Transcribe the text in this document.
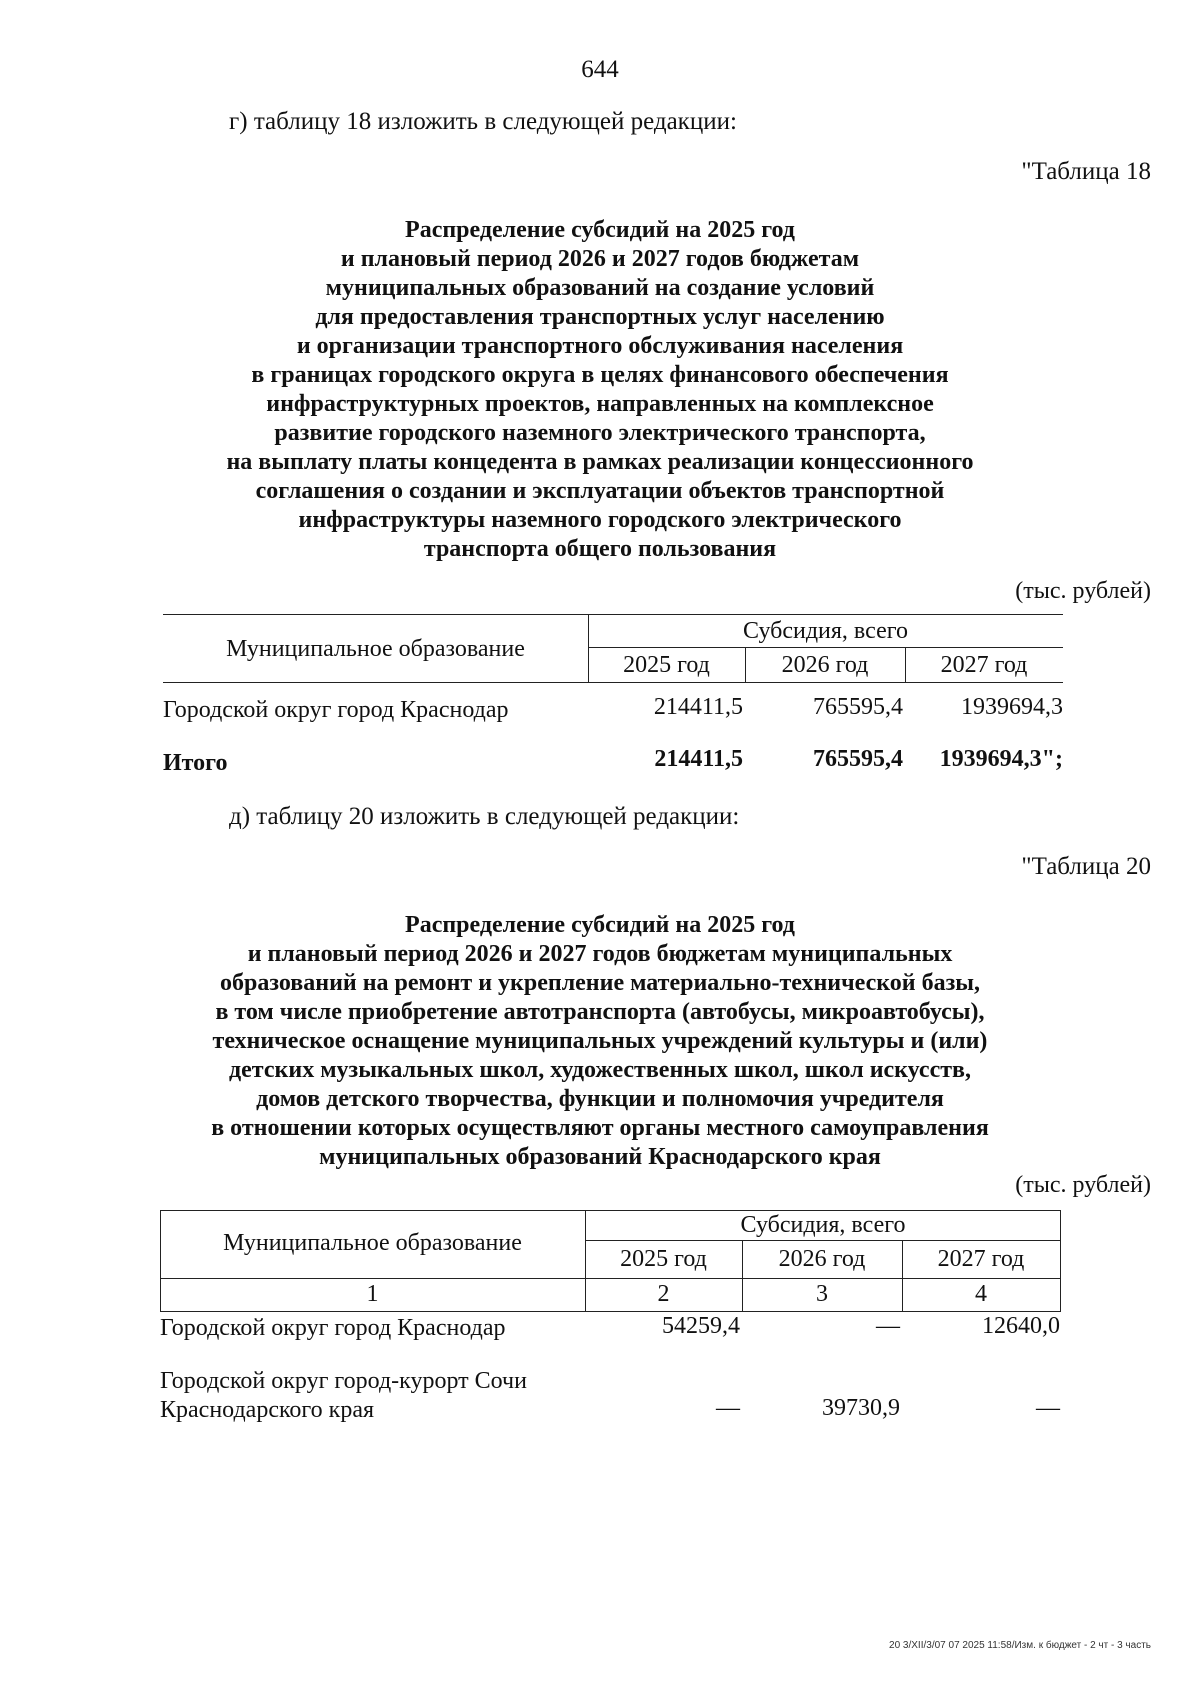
644
г) таблицу 18 изложить в следующей редакции:
"Таблица 18
Распределение субсидий на 2025 год
и плановый период 2026 и 2027 годов бюджетам
муниципальных образований на создание условий
для предоставления транспортных услуг населению
и организации транспортного обслуживания населения
в границах городского округа в целях финансового обеспечения
инфраструктурных проектов, направленных на комплексное
развитие городского наземного электрического транспорта,
на выплату платы концедента в рамках реализации концессионного
соглашения о создании и эксплуатации объектов транспортной
инфраструктуры наземного городского электрического
транспорта общего пользования
(тыс. рублей)
Муниципальное образование
Субсидия, всего
2025 год	2026 год	2027 год
Городской округ город Краснодар	214411,5	765595,4	1939694,3
Итого	214411,5	765595,4	1939694,3";
д) таблицу 20 изложить в следующей редакции:
"Таблица 20
Распределение субсидий на 2025 год
и плановый период 2026 и 2027 годов бюджетам муниципальных
образований на ремонт и укрепление материально-технической базы,
в том числе приобретение автотранспорта (автобусы, микроавтобусы),
техническое оснащение муниципальных учреждений культуры и (или)
детских музыкальных школ, художественных школ, школ искусств,
домов детского творчества, функции и полномочия учредителя
в отношении которых осуществляют органы местного самоуправления
муниципальных образований Краснодарского края
(тыс. рублей)
Муниципальное образование
Субсидия, всего
2025 год	2026 год	2027 год
1	2	3	4
Городской округ город Краснодар	54259,4	—	12640,0
Городской округ город-курорт Сочи
Краснодарского края	—	39730,9	—
20 3/XII/3/07 07 2025 11:58/Изм. к бюджет - 2 чт - 3 часть
